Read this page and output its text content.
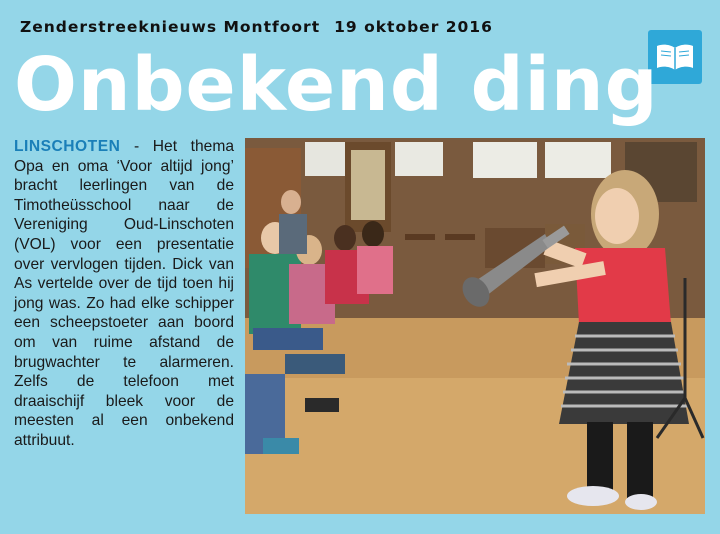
Zenderstreeknieuws Montfoort 19 oktober 2016
Onbekend ding
LINSCHOTEN - Het thema Opa en oma ‘Voor altijd jong’ bracht leerlingen van de Timotheüsschool naar de Vereniging Oud-Linschoten (VOL) voor een presentatie over vervlogen tijden. Dick van As vertelde over de tijd toen hij jong was. Zo had elke schipper een scheepstoeter aan boord om van ruime afstand de brugwachter te alarmeren. Zelfs de telefoon met draaischijf bleek voor de meesten al een onbekend attribuut.
